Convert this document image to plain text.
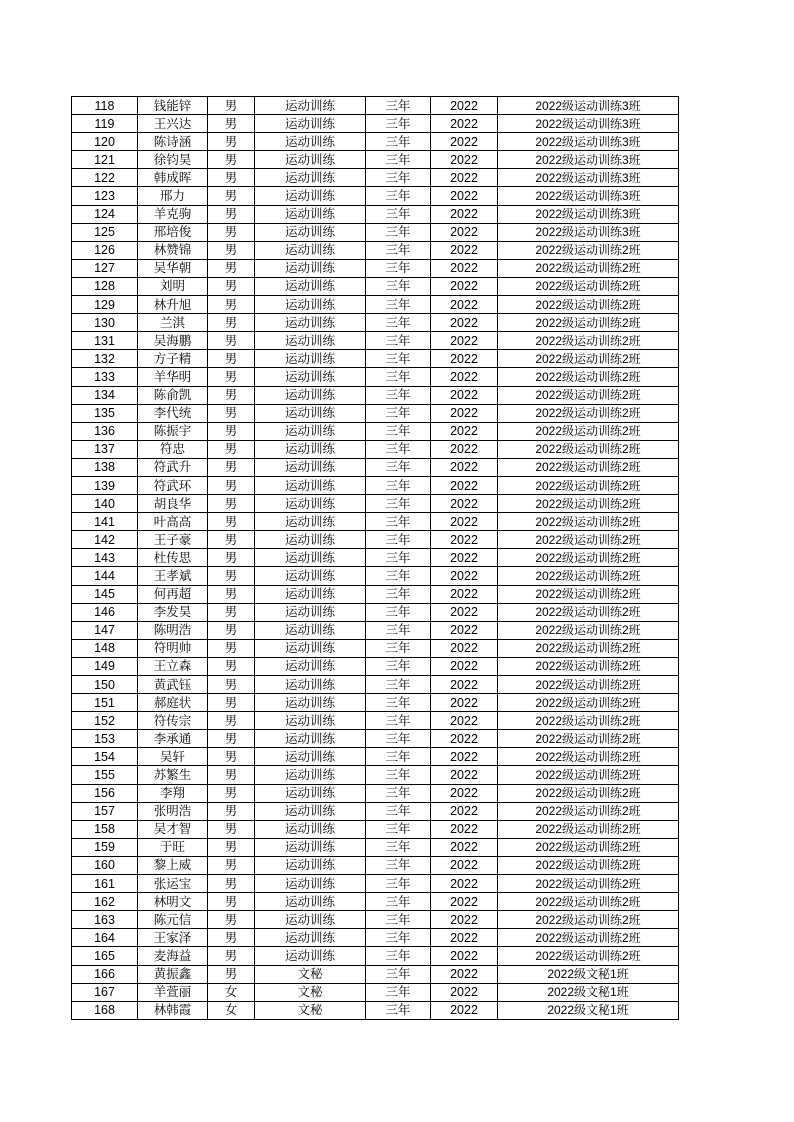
118	钱能锌	男	运动训练	三年	2022	2022级运动训练3班
119	王兴达	男	运动训练	三年	2022	2022级运动训练3班
120	陈诗涵	男	运动训练	三年	2022	2022级运动训练3班
121	徐钧昊	男	运动训练	三年	2022	2022级运动训练3班
122	韩成晖	男	运动训练	三年	2022	2022级运动训练3班
123	邢力	男	运动训练	三年	2022	2022级运动训练3班
124	羊克驹	男	运动训练	三年	2022	2022级运动训练3班
125	邢培俊	男	运动训练	三年	2022	2022级运动训练3班
126	林赞锦	男	运动训练	三年	2022	2022级运动训练2班
127	吴华朝	男	运动训练	三年	2022	2022级运动训练2班
128	刘明	男	运动训练	三年	2022	2022级运动训练2班
129	林升旭	男	运动训练	三年	2022	2022级运动训练2班
130	兰淇	男	运动训练	三年	2022	2022级运动训练2班
131	吴海鹏	男	运动训练	三年	2022	2022级运动训练2班
132	方子精	男	运动训练	三年	2022	2022级运动训练2班
133	羊华明	男	运动训练	三年	2022	2022级运动训练2班
134	陈俞凯	男	运动训练	三年	2022	2022级运动训练2班
135	李代统	男	运动训练	三年	2022	2022级运动训练2班
136	陈振宇	男	运动训练	三年	2022	2022级运动训练2班
137	符忠	男	运动训练	三年	2022	2022级运动训练2班
138	符武升	男	运动训练	三年	2022	2022级运动训练2班
139	符武环	男	运动训练	三年	2022	2022级运动训练2班
140	胡良华	男	运动训练	三年	2022	2022级运动训练2班
141	叶高高	男	运动训练	三年	2022	2022级运动训练2班
142	王子豪	男	运动训练	三年	2022	2022级运动训练2班
143	杜传思	男	运动训练	三年	2022	2022级运动训练2班
144	王孝斌	男	运动训练	三年	2022	2022级运动训练2班
145	何再超	男	运动训练	三年	2022	2022级运动训练2班
146	李发昊	男	运动训练	三年	2022	2022级运动训练2班
147	陈明浩	男	运动训练	三年	2022	2022级运动训练2班
148	符明帅	男	运动训练	三年	2022	2022级运动训练2班
149	王立森	男	运动训练	三年	2022	2022级运动训练2班
150	黄武钰	男	运动训练	三年	2022	2022级运动训练2班
151	郝庭状	男	运动训练	三年	2022	2022级运动训练2班
152	符传宗	男	运动训练	三年	2022	2022级运动训练2班
153	李承通	男	运动训练	三年	2022	2022级运动训练2班
154	吴轩	男	运动训练	三年	2022	2022级运动训练2班
155	苏繁生	男	运动训练	三年	2022	2022级运动训练2班
156	李翔	男	运动训练	三年	2022	2022级运动训练2班
157	张明浩	男	运动训练	三年	2022	2022级运动训练2班
158	吴才智	男	运动训练	三年	2022	2022级运动训练2班
159	于旺	男	运动训练	三年	2022	2022级运动训练2班
160	黎上威	男	运动训练	三年	2022	2022级运动训练2班
161	张运宝	男	运动训练	三年	2022	2022级运动训练2班
162	林明文	男	运动训练	三年	2022	2022级运动训练2班
163	陈元信	男	运动训练	三年	2022	2022级运动训练2班
164	王家泽	男	运动训练	三年	2022	2022级运动训练2班
165	麦海益	男	运动训练	三年	2022	2022级运动训练2班
166	黄振鑫	男	文秘	三年	2022	2022级文秘1班
167	羊萱丽	女	文秘	三年	2022	2022级文秘1班
168	林韩霞	女	文秘	三年	2022	2022级文秘1班
